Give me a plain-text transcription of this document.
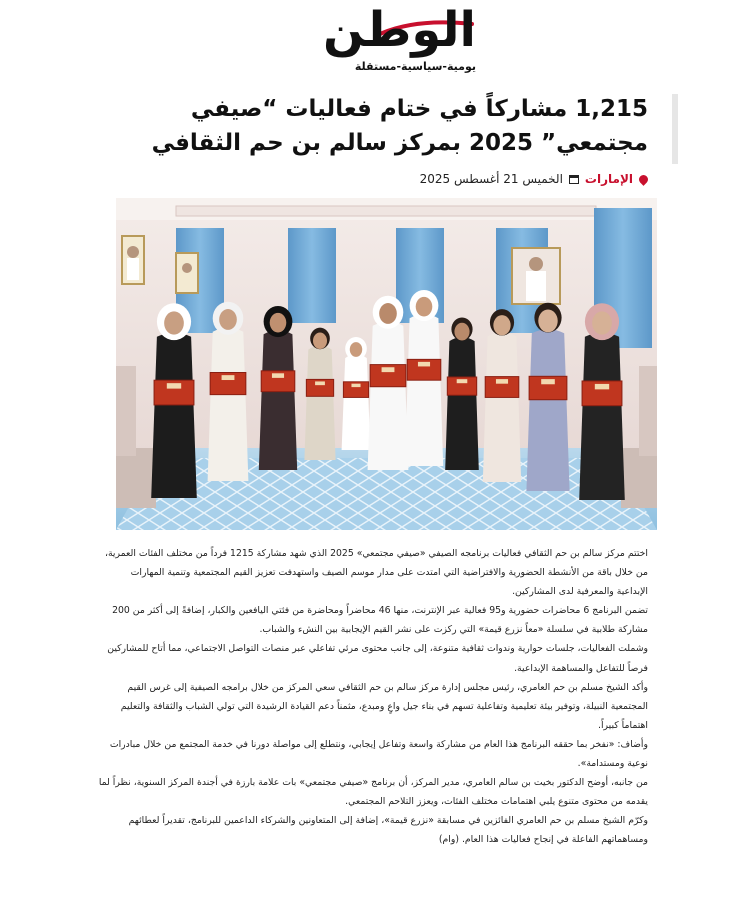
الوطن
يومية-سياسية-مستقلة
1,215 مشاركاً في ختام فعاليات “صيفي مجتمعي” 2025 بمركز سالم بن حم الثقافي
الإمارات
الخميس 21 أغسطس 2025

اختتم مركز سالم بن حم الثقافي فعاليات برنامجه الصيفي «صيفي مجتمعي» 2025 الذي شهد مشاركة 1215 فرداً من مختلف الفئات العمرية، من خلال باقة من الأنشطة الحضورية والافتراضية التي امتدت على مدار موسم الصيف واستهدفت تعزيز القيم المجتمعية وتنمية المهارات الإبداعية والمعرفية لدى المشاركين.

تضمن البرنامج 6 محاضرات حضورية و95 فعالية عبر الإنترنت، منها 46 محاضراً ومحاضرة من فئتي اليافعين والكبار، إضافةً إلى أكثر من 200 مشاركة طلابية في سلسلة «معاً نزرع قيمة» التي ركزت على نشر القيم الإيجابية بين النشء والشباب.

وشملت الفعاليات، جلسات حوارية وندوات ثقافية متنوعة، إلى جانب محتوى مرئي تفاعلي عبر منصات التواصل الاجتماعي، مما أتاح للمشاركين فرصاً للتفاعل والمساهمة الإبداعية.

وأكد الشيخ مسلم بن حم العامري، رئيس مجلس إدارة مركز سالم بن حم الثقافي سعي المركز من خلال برامجه الصيفية إلى غرس القيم المجتمعية النبيلة، وتوفير بيئة تعليمية وتفاعلية تسهم في بناء جيل واعٍ ومبدع، مثمناً دعم القيادة الرشيدة التي تولي الشباب والثقافة والتعليم اهتماماً كبيراً.

وأضاف: «نفخر بما حققه البرنامج هذا العام من مشاركة واسعة وتفاعل إيجابي، ونتطلع إلى مواصلة دورنا في خدمة المجتمع من خلال مبادرات نوعية ومستدامة».

من جانبه، أوضح الدكتور بخيت بن سالم العامري، مدير المركز، أن برنامج «صيفي مجتمعي» بات علامة بارزة في أجندة المركز السنوية، نظراً لما يقدمه من محتوى متنوع يلبي اهتمامات مختلف الفئات، ويعزز التلاحم المجتمعي.

وكرّم الشيخ مسلم بن حم العامري الفائزين في مسابقة «نزرع قيمة»، إضافة إلى المتعاونين والشركاء الداعمين للبرنامج، تقديراً لعطائهم ومساهماتهم الفاعلة في إنجاح فعاليات هذا العام. (وام)
